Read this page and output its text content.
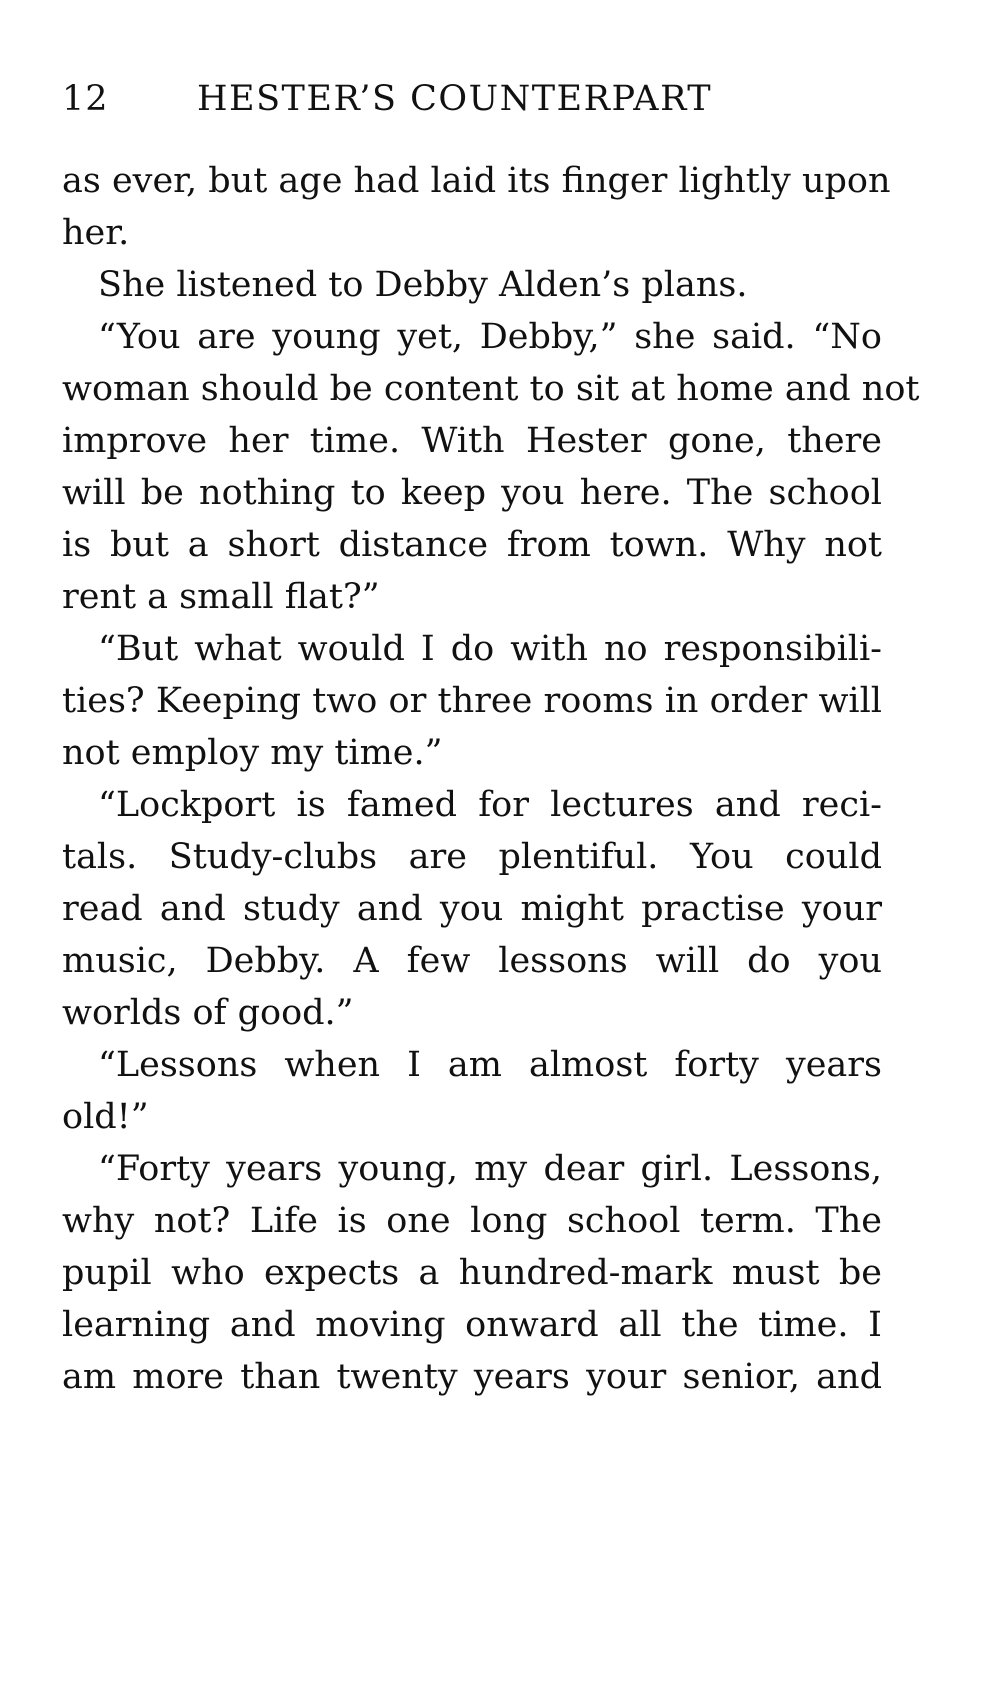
12	HESTER’S COUNTERPART
as ever, but age had laid its finger lightly upon
her.
She listened to Debby Alden’s plans.
“You are young yet, Debby,” she said. “No
woman should be content to sit at home and not
improve her time. With Hester gone, there
will be nothing to keep you here. The school
is but a short distance from town. Why not
rent a small flat?”
“But what would I do with no responsibili-
ties? Keeping two or three rooms in order will
not employ my time.”
“Lockport is famed for lectures and reci-
tals. Study-clubs are plentiful. You could
read and study and you might practise your
music, Debby. A few lessons will do you
worlds of good.”
“Lessons when I am almost forty years
old!”
“Forty years young, my dear girl. Lessons,
why not? Life is one long school term. The
pupil who expects a hundred-mark must be
learning and moving onward all the time. I
am more than twenty years your senior, and
